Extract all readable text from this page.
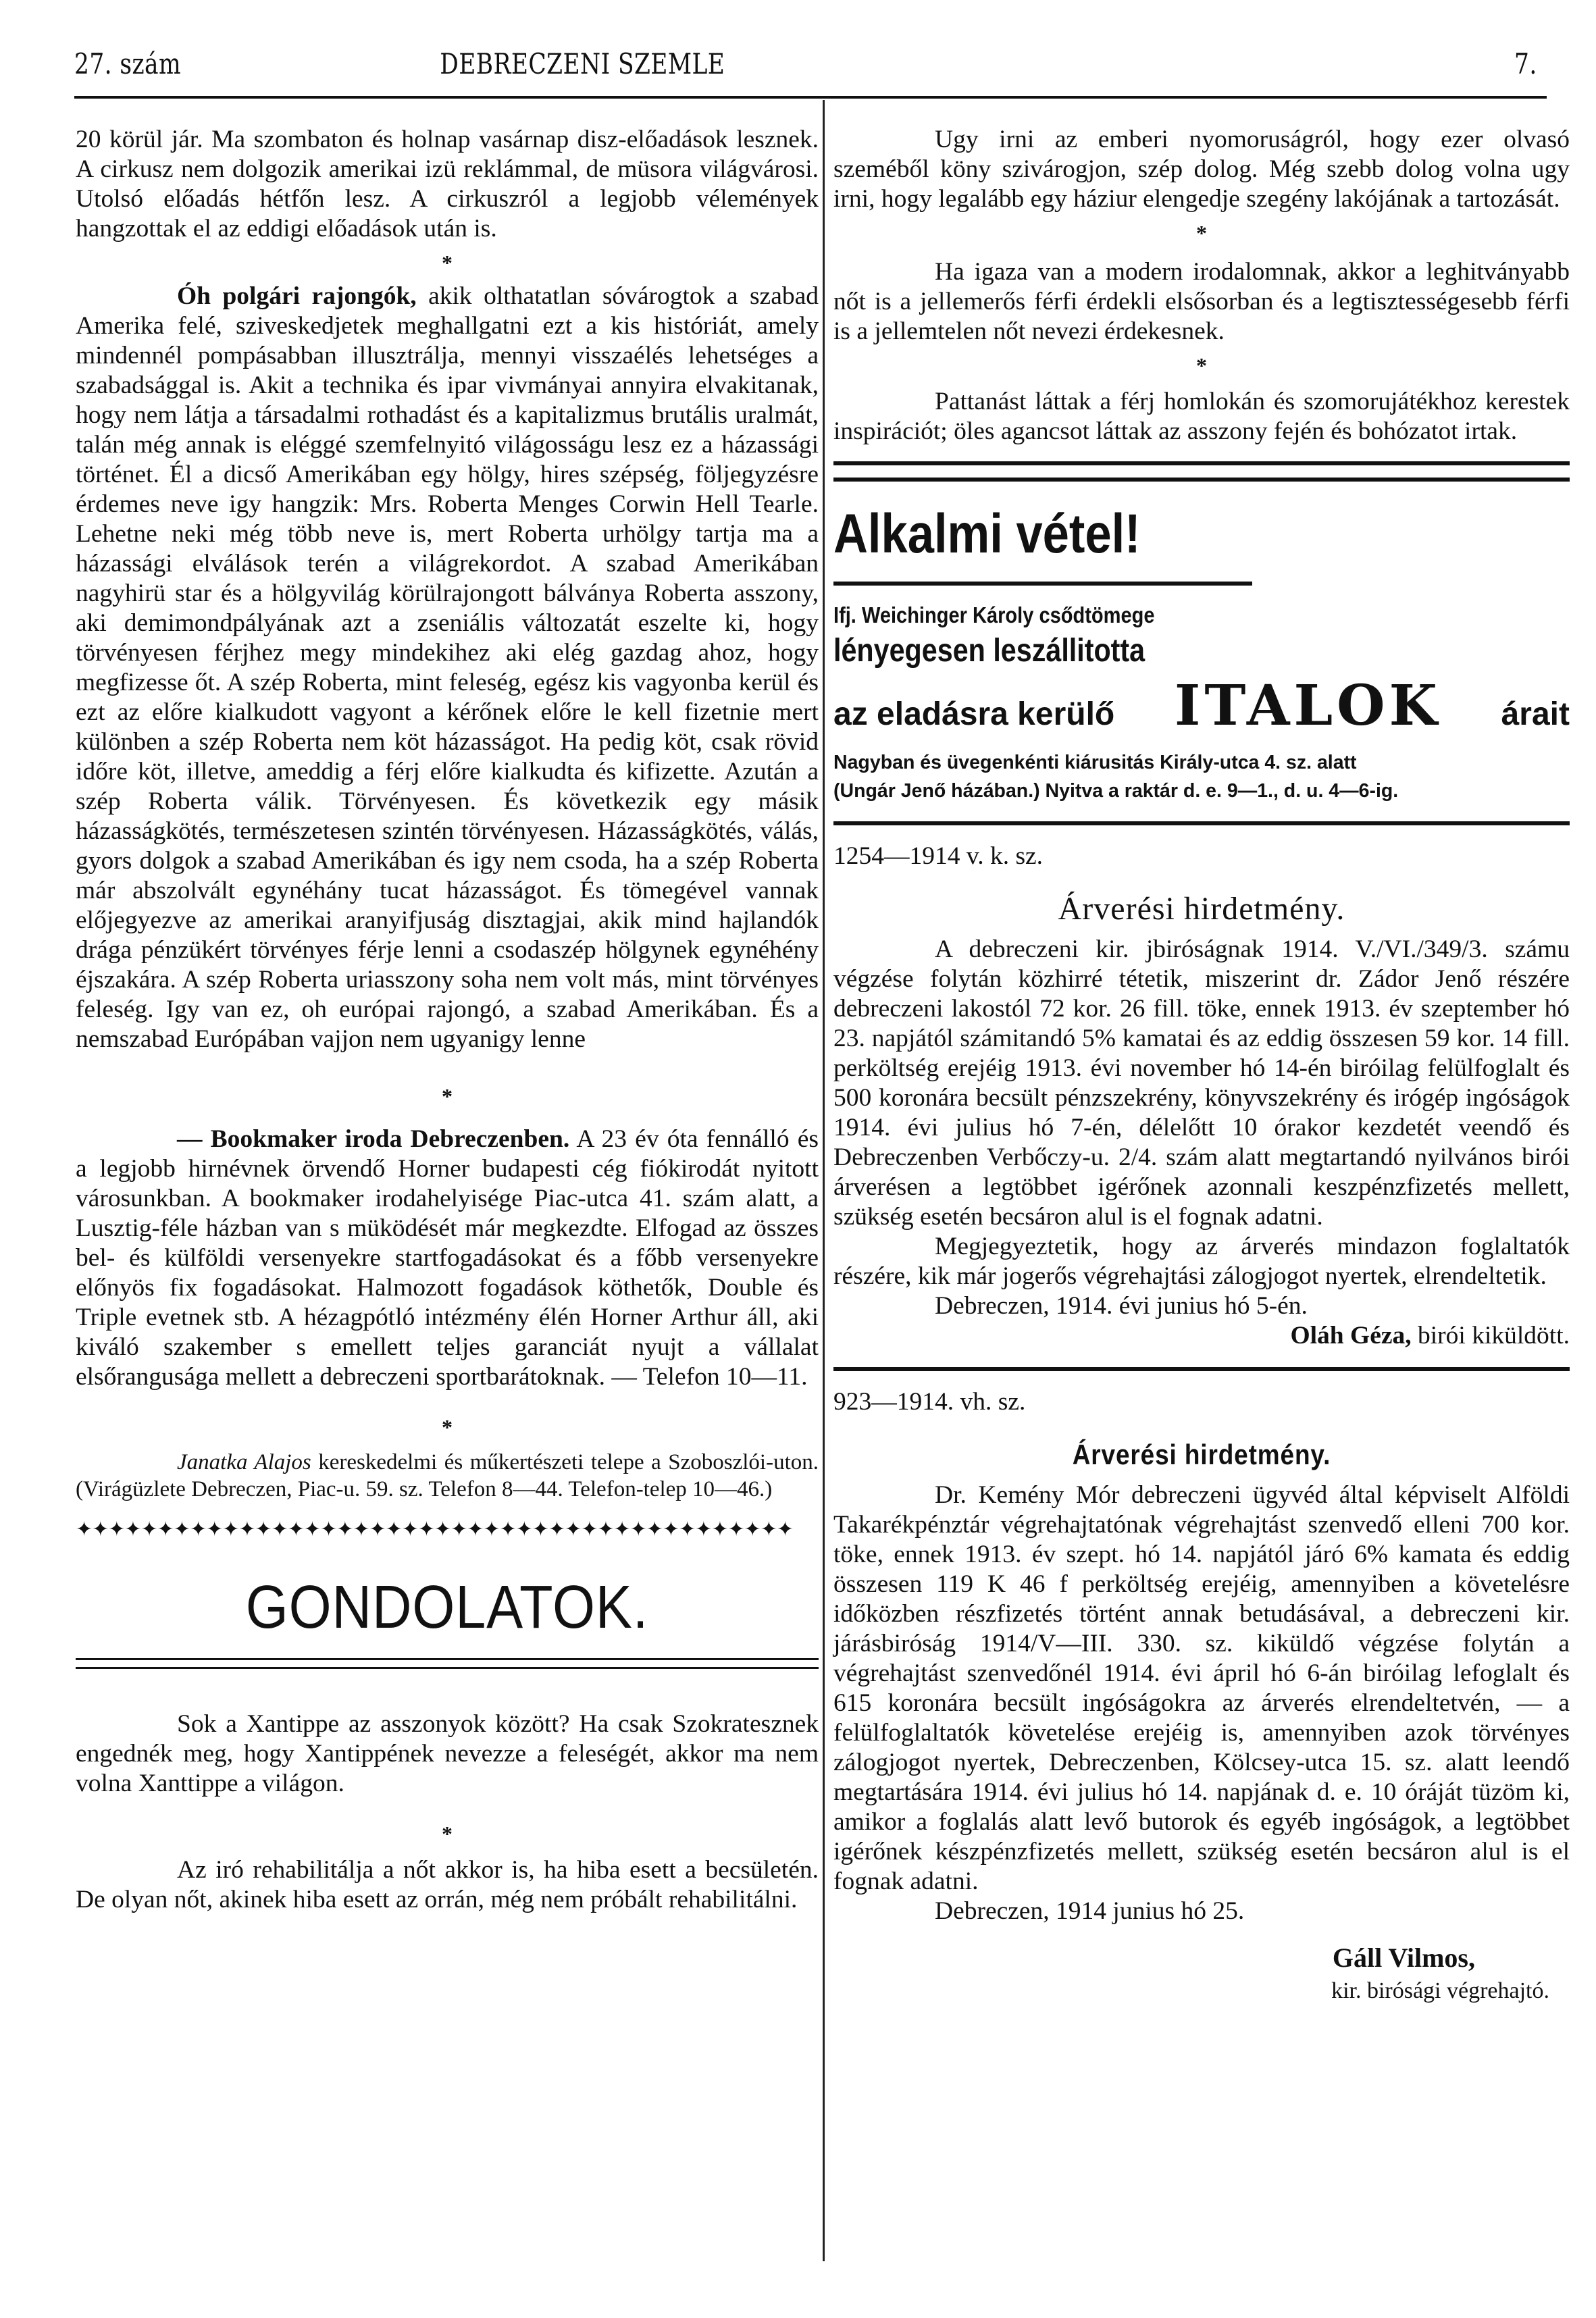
27. szám	DEBRECZENI SZEMLE	7.

20 körül jár. Ma szombaton és holnap vasárnap disz-előadások lesznek. A cirkusz nem dolgozik amerikai izü reklámmal, de müsora világvárosi. Utolsó előadás hétfőn lesz. A cirkuszról a legjobb vélemények hangzottak el az eddigi előadások után is.

*

Óh polgári rajongók, akik olthatatlan sóvárogtok a szabad Amerika felé, sziveskedjetek meghallgatni ezt a kis históriát, amely mindennél pompásabban illusztrálja, mennyi visszaélés lehetséges a szabadsággal is. Akit a technika és ipar vivmányai annyira elvakitanak, hogy nem látja a társadalmi rothadást és a kapitalizmus brutális uralmát, talán még annak is eléggé szemfelnyitó világosságu lesz ez a házassági történet. Él a dicső Amerikában egy hölgy, hires szépség, följegyzésre érdemes neve igy hangzik: Mrs. Roberta Menges Corwin Hell Tearle. Lehetne neki még több neve is, mert Roberta urhölgy tartja ma a házassági elválások terén a világrekordot. A szabad Amerikában nagyhirü star és a hölgyvilág körülrajongott bálványa Roberta asszony, aki demimondpályának azt a zseniális változatát eszelte ki, hogy törvényesen férjhez megy mindekihez aki elég gazdag ahoz, hogy megfizesse őt. A szép Roberta, mint feleség, egész kis vagyonba kerül és ezt az előre kialkudott vagyont a kérőnek előre le kell fizetnie mert különben a szép Roberta nem köt házasságot. Ha pedig köt, csak rövid időre köt, illetve, ameddig a férj előre kialkudta és kifizette. Azután a szép Roberta válik. Törvényesen. És következik egy másik házasságkötés, természetesen szintén törvényesen. Házasságkötés, válás, gyors dolgok a szabad Amerikában és igy nem csoda, ha a szép Roberta már abszolvált egynéhány tucat házasságot. És tömegével vannak előjegyezve az amerikai aranyifjuság disztagjai, akik mind hajlandók drága pénzükért törvényes férje lenni a csodaszép hölgynek egynéhény éjszakára. A szép Roberta uriasszony soha nem volt más, mint törvényes feleség. Igy van ez, oh európai rajongó, a szabad Amerikában. És a nemszabad Európában vajjon nem ugyanigy lenne

*

— Bookmaker iroda Debreczenben. A 23 év óta fennálló és a legjobb hirnévnek örvendő Horner budapesti cég fiókirodát nyitott városunkban. A bookmaker irodahelyisége Piac-utca 41. szám alatt, a Lusztig-féle házban van s müködését már megkezdte. Elfogad az összes bel- és külföldi versenyekre startfogadásokat és a főbb versenyekre előnyös fix fogadásokat. Halmozott fogadások köthetők, Double és Triple evetnek stb. A hézagpótló intézmény élén Horner Arthur áll, aki kiváló szakember s emellett teljes garanciát nyujt a vállalat elsőrangusága mellett a debreczeni sportbarátoknak. — Telefon 10—11.

*

Janatka Alajos kereskedelmi és műkertészeti telepe a Szoboszlói-uton. (Virágüzlete Debreczen, Piac-u. 59. sz. Telefon 8—44. Telefon-telep 10—46.)

✦✦✦✦✦✦✦✦✦✦✦✦✦✦✦✦✦✦✦✦✦✦✦✦✦✦✦✦✦✦✦✦✦✦✦✦✦✦✦✦✦✦✦✦
GONDOLATOK.

Sok a Xantippe az asszonyok között? Ha csak Szokratesznek engednék meg, hogy Xantippének nevezze a feleségét, akkor ma nem volna Xanttippe a világon.

*

Az iró rehabilitálja a nőt akkor is, ha hiba esett a becsületén. De olyan nőt, akinek hiba esett az orrán, még nem próbált rehabilitálni.

Ugy irni az emberi nyomoruságról, hogy ezer olvasó szeméből köny szivárogjon, szép dolog. Még szebb dolog volna ugy irni, hogy legalább egy háziur elengedje szegény lakójának a tartozását.

*

Ha igaza van a modern irodalomnak, akkor a leghitványabb nőt is a jellemerős férfi érdekli elsősorban és a legtisztességesebb férfi is a jellemtelen nőt nevezi érdekesnek.

*

Pattanást láttak a férj homlokán és szomorujátékhoz kerestek inspirációt; öles agancsot láttak az asszony fején és bohózatot irtak.

Alkalmi vétel!
Ifj. Weichinger Károly csődtömege
lényegesen leszállitotta
az eladásra kerülő ITALOK árait
Nagyban és üvegenkénti kiárusitás Király-utca 4. sz. alatt
(Ungár Jenő házában.) Nyitva a raktár d. e. 9—1., d. u. 4—6-ig.
1254—1914 v. k. sz.
Árverési hirdetmény.

A debreczeni kir. jbiróságnak 1914. V./VI./349/3. számu végzése folytán közhirré tétetik, miszerint dr. Zádor Jenő részére debreczeni lakostól 72 kor. 26 fill. töke, ennek 1913. év szeptember hó 23. napjától számitandó 5% kamatai és az eddig összesen 59 kor. 14 fill. perköltség erejéig 1913. évi november hó 14-én biróilag felülfoglalt és 500 koronára becsült pénzszekrény, könyvszekrény és irógép ingóságok 1914. évi julius hó 7-én, délelőtt 10 órakor kezdetét veendő és Debreczenben Verbőczy-u. 2/4. szám alatt megtartandó nyilvános birói árverésen a legtöbbet igérőnek azonnali keszpénzfizetés mellett, szükség esetén becsáron alul is el fognak adatni.

Megjegyeztetik, hogy az árverés mindazon foglaltatók részére, kik már jogerős végrehajtási zálogjogot nyertek, elrendeltetik.

Debreczen, 1914. évi junius hó 5-én.

Oláh Géza, birói kiküldött.

923—1914. vh. sz.
Árverési hirdetmény.

Dr. Kemény Mór debreczeni ügyvéd által képviselt Alföldi Takarékpénztár végrehajtatónak végrehajtást szenvedő elleni 700 kor. töke, ennek 1913. év szept. hó 14. napjától járó 6% kamata és eddig összesen 119 K 46 f perköltség erejéig, amennyiben a követelésre időközben részfizetés történt annak betudásával, a debreczeni kir. járásbiróság 1914/V—III. 330. sz. kiküldő végzése folytán a végrehajtást szenvedőnél 1914. évi ápril hó 6-án biróilag lefoglalt és 615 koronára becsült ingóságokra az árverés elrendeltetvén, — a felülfoglaltatók követelése erejéig is, amennyiben azok törvényes zálogjogot nyertek, Debreczenben, Kölcsey-utca 15. sz. alatt leendő megtartására 1914. évi julius hó 14. napjának d. e. 10 óráját tüzöm ki, amikor a foglalás alatt levő butorok és egyéb ingóságok, a legtöbbet igérőnek készpénzfizetés mellett, szükség esetén becsáron alul is el fognak adatni.

Debreczen, 1914 junius hó 25.

Gáll Vilmos,
kir. birósági végrehajtó.
